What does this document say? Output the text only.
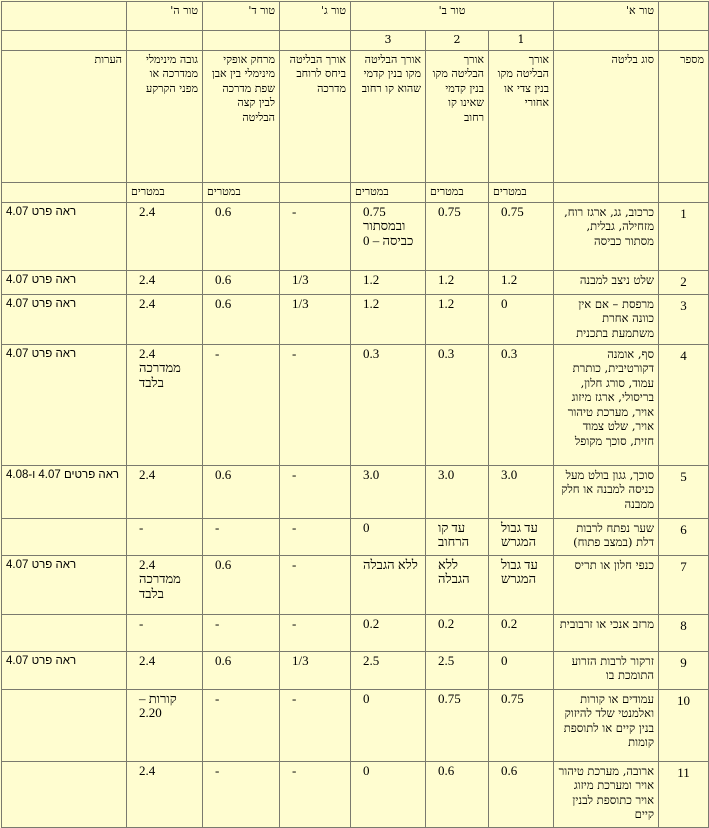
	טור א'	טור ב'			טור ג'	טור ד'	טור ה'	
		1	2	3				
מספר	סוג בליטה	אורך הבליטה מקו בנין צדי או אחורי	אורך הבליטה מקו בנין קדמי שאינו קו רחוב	אורך הבליטה מקו בנין קדמי שהוא קו רחוב	אורך הבליטה ביחס לרוחב מדרכה	מרחק אופקי מינימלי בין אבן שפת מדרכה לבין קצה הבליטה	גובה מינימלי ממדרכה או מפני הקרקע	הערות
		במטרים	במטרים	במטרים		במטרים	במטרים	
1	כרכוב, גג, ארגז רוח, מזחילה, גבלית, מסתור כביסה	0.75	0.75	0.75 ובמסתור כביסה – 0	-	0.6	2.4	ראה פרט 4.07
2	שלט ניצב למבנה	1.2	1.2	1.2	1/3	0.6	2.4	ראה פרט 4.07
3	מרפסת – אם אין כוונה אחרת משתמעת בתכנית	0	1.2	1.2	1/3	0.6	2.4	ראה פרט 4.07
4	סף, אומנה דקורטיבית, כותרת עמוד, סורג חלון, בריסולי, ארגז מיזוג אויר, מערכת טיהור אויר, שלט צמוד חזית, סוכך מקופל	0.3	0.3	0.3	-	-	2.4 ממדרכה בלבד	ראה פרט 4.07
5	סוכך, גגון בולט מעל כניסה למבנה או חלק ממבנה	3.0	3.0	3.0	-	0.6	2.4	ראה פרטים 4.07 ו-4.08
6	שער נפתח לרבות דלת (במצב פתוח)	עד גבול המגרש	עד קו הרחוב	0	-	-	-	
7	כנפי חלון או תריס	עד גבול המגרש	ללא הגבלה	ללא הגבלה	-	0.6	2.4 ממדרכה בלבד	ראה פרט 4.07
8	מרזב אנכי או זרבובית	0.2	0.2	0.2	-	-	-	
9	זרקור לרבות הזרוע התומכת בו	0	2.5	2.5	1/3	0.6	2.4	ראה פרט 4.07
10	עמודים או קורות ואלמנטי שלד להיזוק בנין קיים או לתוספת קומות	0.75	0.75	0	-	-	קורות – 2.20	
11	ארובה, מערכת טיהור אויר ומערכת מיזוג אויר כתוספת לבנין קיים	0.6	0.6	0	-	-	2.4	
